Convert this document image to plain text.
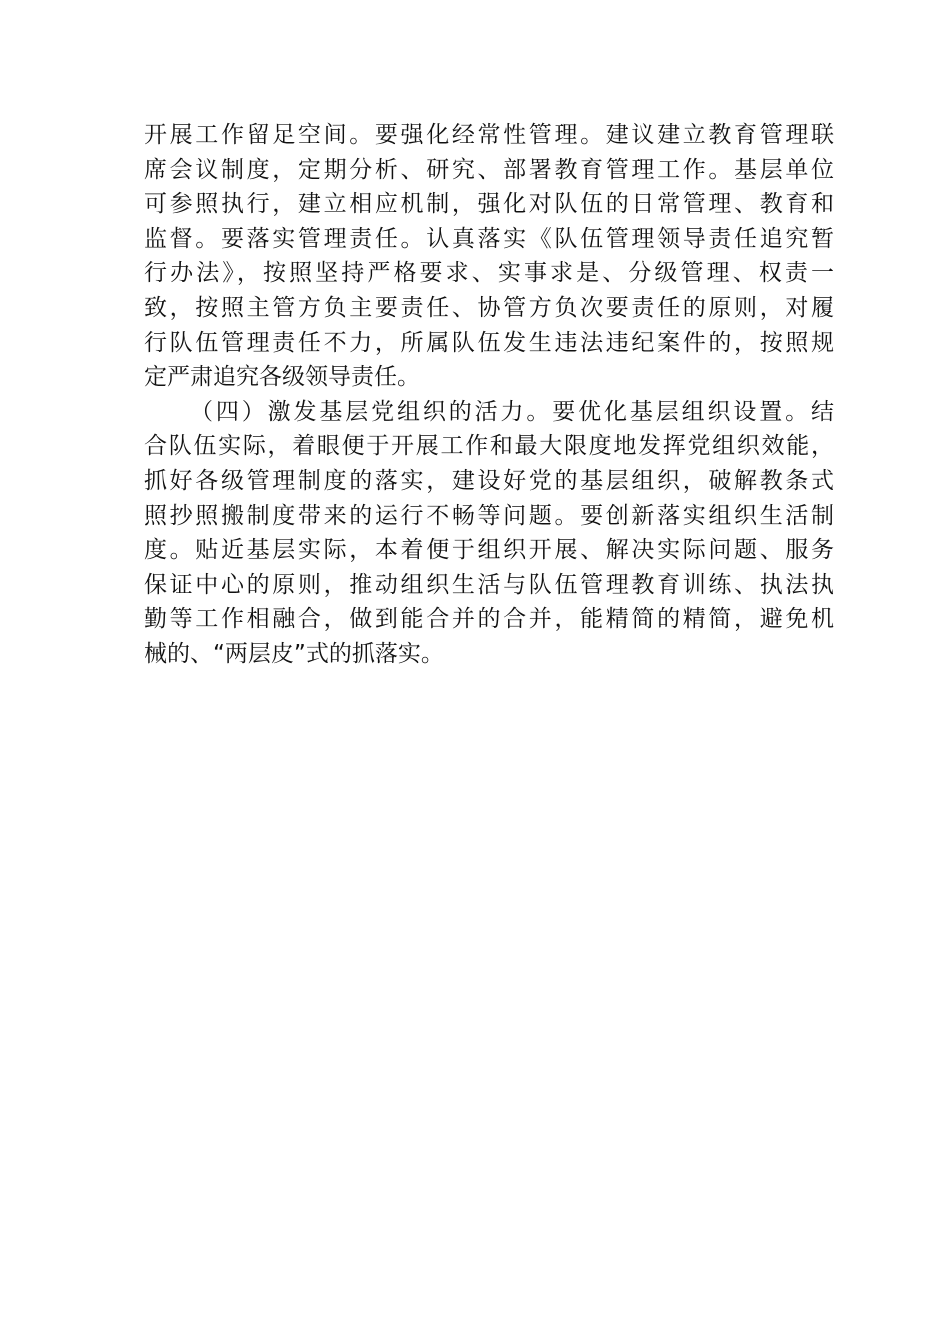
开展工作留足空间。要强化经常性管理。建议建立教育管理联
席会议制度，定期分析、研究、部署教育管理工作。基层单位
可参照执行，建立相应机制，强化对队伍的日常管理、教育和
监督。要落实管理责任。认真落实《队伍管理领导责任追究暂
行办法》，按照坚持严格要求、实事求是、分级管理、权责一
致，按照主管方负主要责任、协管方负次要责任的原则，对履
行队伍管理责任不力，所属队伍发生违法违纪案件的，按照规
定严肃追究各级领导责任。
（四）激发基层党组织的活力。要优化基层组织设置。结
合队伍实际，着眼便于开展工作和最大限度地发挥党组织效能，
抓好各级管理制度的落实，建设好党的基层组织，破解教条式
照抄照搬制度带来的运行不畅等问题。要创新落实组织生活制
度。贴近基层实际，本着便于组织开展、解决实际问题、服务
保证中心的原则，推动组织生活与队伍管理教育训练、执法执
勤等工作相融合，做到能合并的合并，能精简的精简，避免机
械的、“两层皮”式的抓落实。
